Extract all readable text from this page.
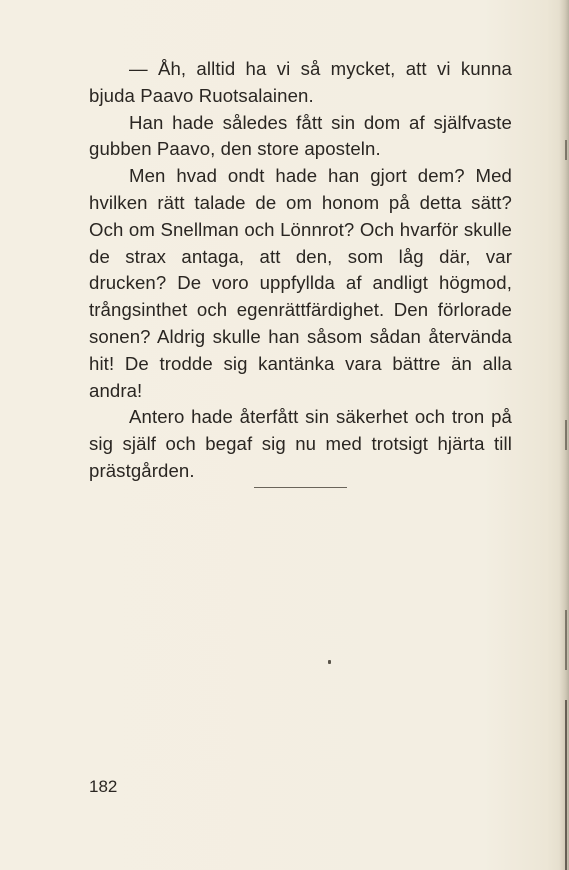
— Åh, alltid ha vi så mycket, att vi kunna bjuda Paavo Ruotsalainen.

Han hade således fått sin dom af själfvaste gubben Paavo, den store aposteln.

Men hvad ondt hade han gjort dem? Med hvilken rätt talade de om honom på detta sätt? Och om Snellman och Lönnrot? Och hvarför skulle de strax antaga, att den, som låg där, var drucken? De voro uppfyllda af andligt högmod, trångsinthet och egenrättfärdighet. Den förlorade sonen? Aldrig skulle han såsom sådan återvända hit! De trodde sig kantänka vara bättre än alla andra!

Antero hade återfått sin säkerhet och tron på sig själf och begaf sig nu med trotsigt hjärta till prästgården.

182
